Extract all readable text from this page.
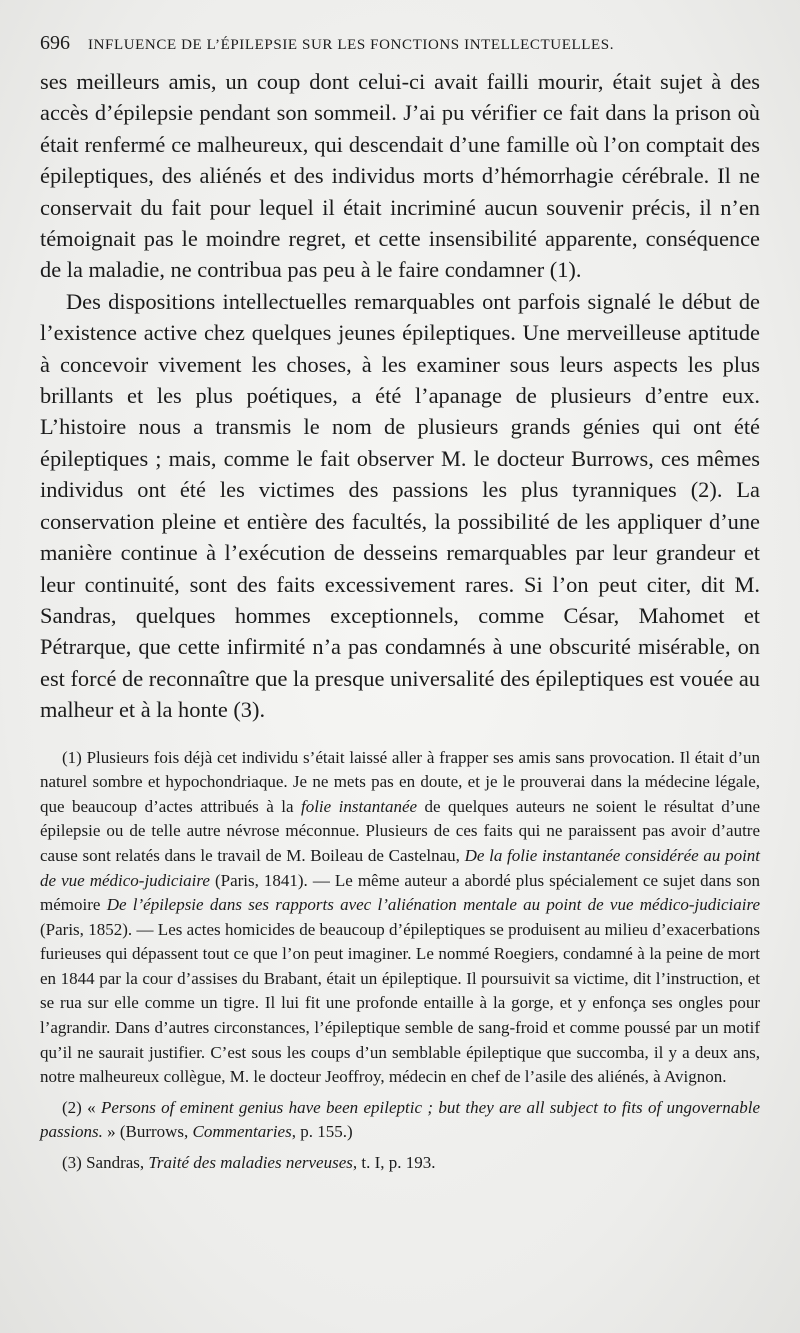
696 INFLUENCE DE L’ÉPILEPSIE SUR LES FONCTIONS INTELLECTUELLES.

ses meilleurs amis, un coup dont celui-ci avait failli mourir, était sujet à des accès d’épilepsie pendant son sommeil. J’ai pu vérifier ce fait dans la prison où était renfermé ce malheureux, qui descendait d’une famille où l’on comptait des épileptiques, des aliénés et des individus morts d’hémorrhagie cérébrale. Il ne conservait du fait pour lequel il était incriminé aucun souvenir précis, il n’en témoignait pas le moindre regret, et cette insensibilité apparente, conséquence de la maladie, ne contribua pas peu à le faire condamner (1).

Des dispositions intellectuelles remarquables ont parfois signalé le début de l’existence active chez quelques jeunes épileptiques. Une merveilleuse aptitude à concevoir vivement les choses, à les examiner sous leurs aspects les plus brillants et les plus poétiques, a été l’apanage de plusieurs d’entre eux. L’histoire nous a transmis le nom de plusieurs grands génies qui ont été épileptiques ; mais, comme le fait observer M. le docteur Burrows, ces mêmes individus ont été les victimes des passions les plus tyranniques (2). La conservation pleine et entière des facultés, la possibilité de les appliquer d’une manière continue à l’exécution de desseins remarquables par leur grandeur et leur continuité, sont des faits excessivement rares. Si l’on peut citer, dit M. Sandras, quelques hommes exceptionnels, comme César, Mahomet et Pétrarque, que cette infirmité n’a pas condamnés à une obscurité misérable, on est forcé de reconnaître que la presque universalité des épileptiques est vouée au malheur et à la honte (3).

(1) Plusieurs fois déjà cet individu s’était laissé aller à frapper ses amis sans provocation. Il était d’un naturel sombre et hypochondriaque. Je ne mets pas en doute, et je le prouverai dans la médecine légale, que beaucoup d’actes attribués à la folie instantanée de quelques auteurs ne soient le résultat d’une épilepsie ou de telle autre névrose méconnue. Plusieurs de ces faits qui ne paraissent pas avoir d’autre cause sont relatés dans le travail de M. Boileau de Castelnau, De la folie instantanée considérée au point de vue médico-judiciaire (Paris, 1841). — Le même auteur a abordé plus spécialement ce sujet dans son mémoire De l’épilepsie dans ses rapports avec l’aliénation mentale au point de vue médico-judiciaire (Paris, 1852). — Les actes homicides de beaucoup d’épileptiques se produisent au milieu d’exacerbations furieuses qui dépassent tout ce que l’on peut imaginer. Le nommé Roegiers, condamné à la peine de mort en 1844 par la cour d’assises du Brabant, était un épileptique. Il poursuivit sa victime, dit l’instruction, et se rua sur elle comme un tigre. Il lui fit une profonde entaille à la gorge, et y enfonça ses ongles pour l’agrandir. Dans d’autres circonstances, l’épileptique semble de sang-froid et comme poussé par un motif qu’il ne saurait justifier. C’est sous les coups d’un semblable épileptique que succomba, il y a deux ans, notre malheureux collègue, M. le docteur Jeoffroy, médecin en chef de l’asile des aliénés, à Avignon.

(2) « Persons of eminent genius have been epileptic ; but they are all subject to fits of ungovernable passions. » (Burrows, Commentaries, p. 155.)

(3) Sandras, Traité des maladies nerveuses, t. I, p. 193.
